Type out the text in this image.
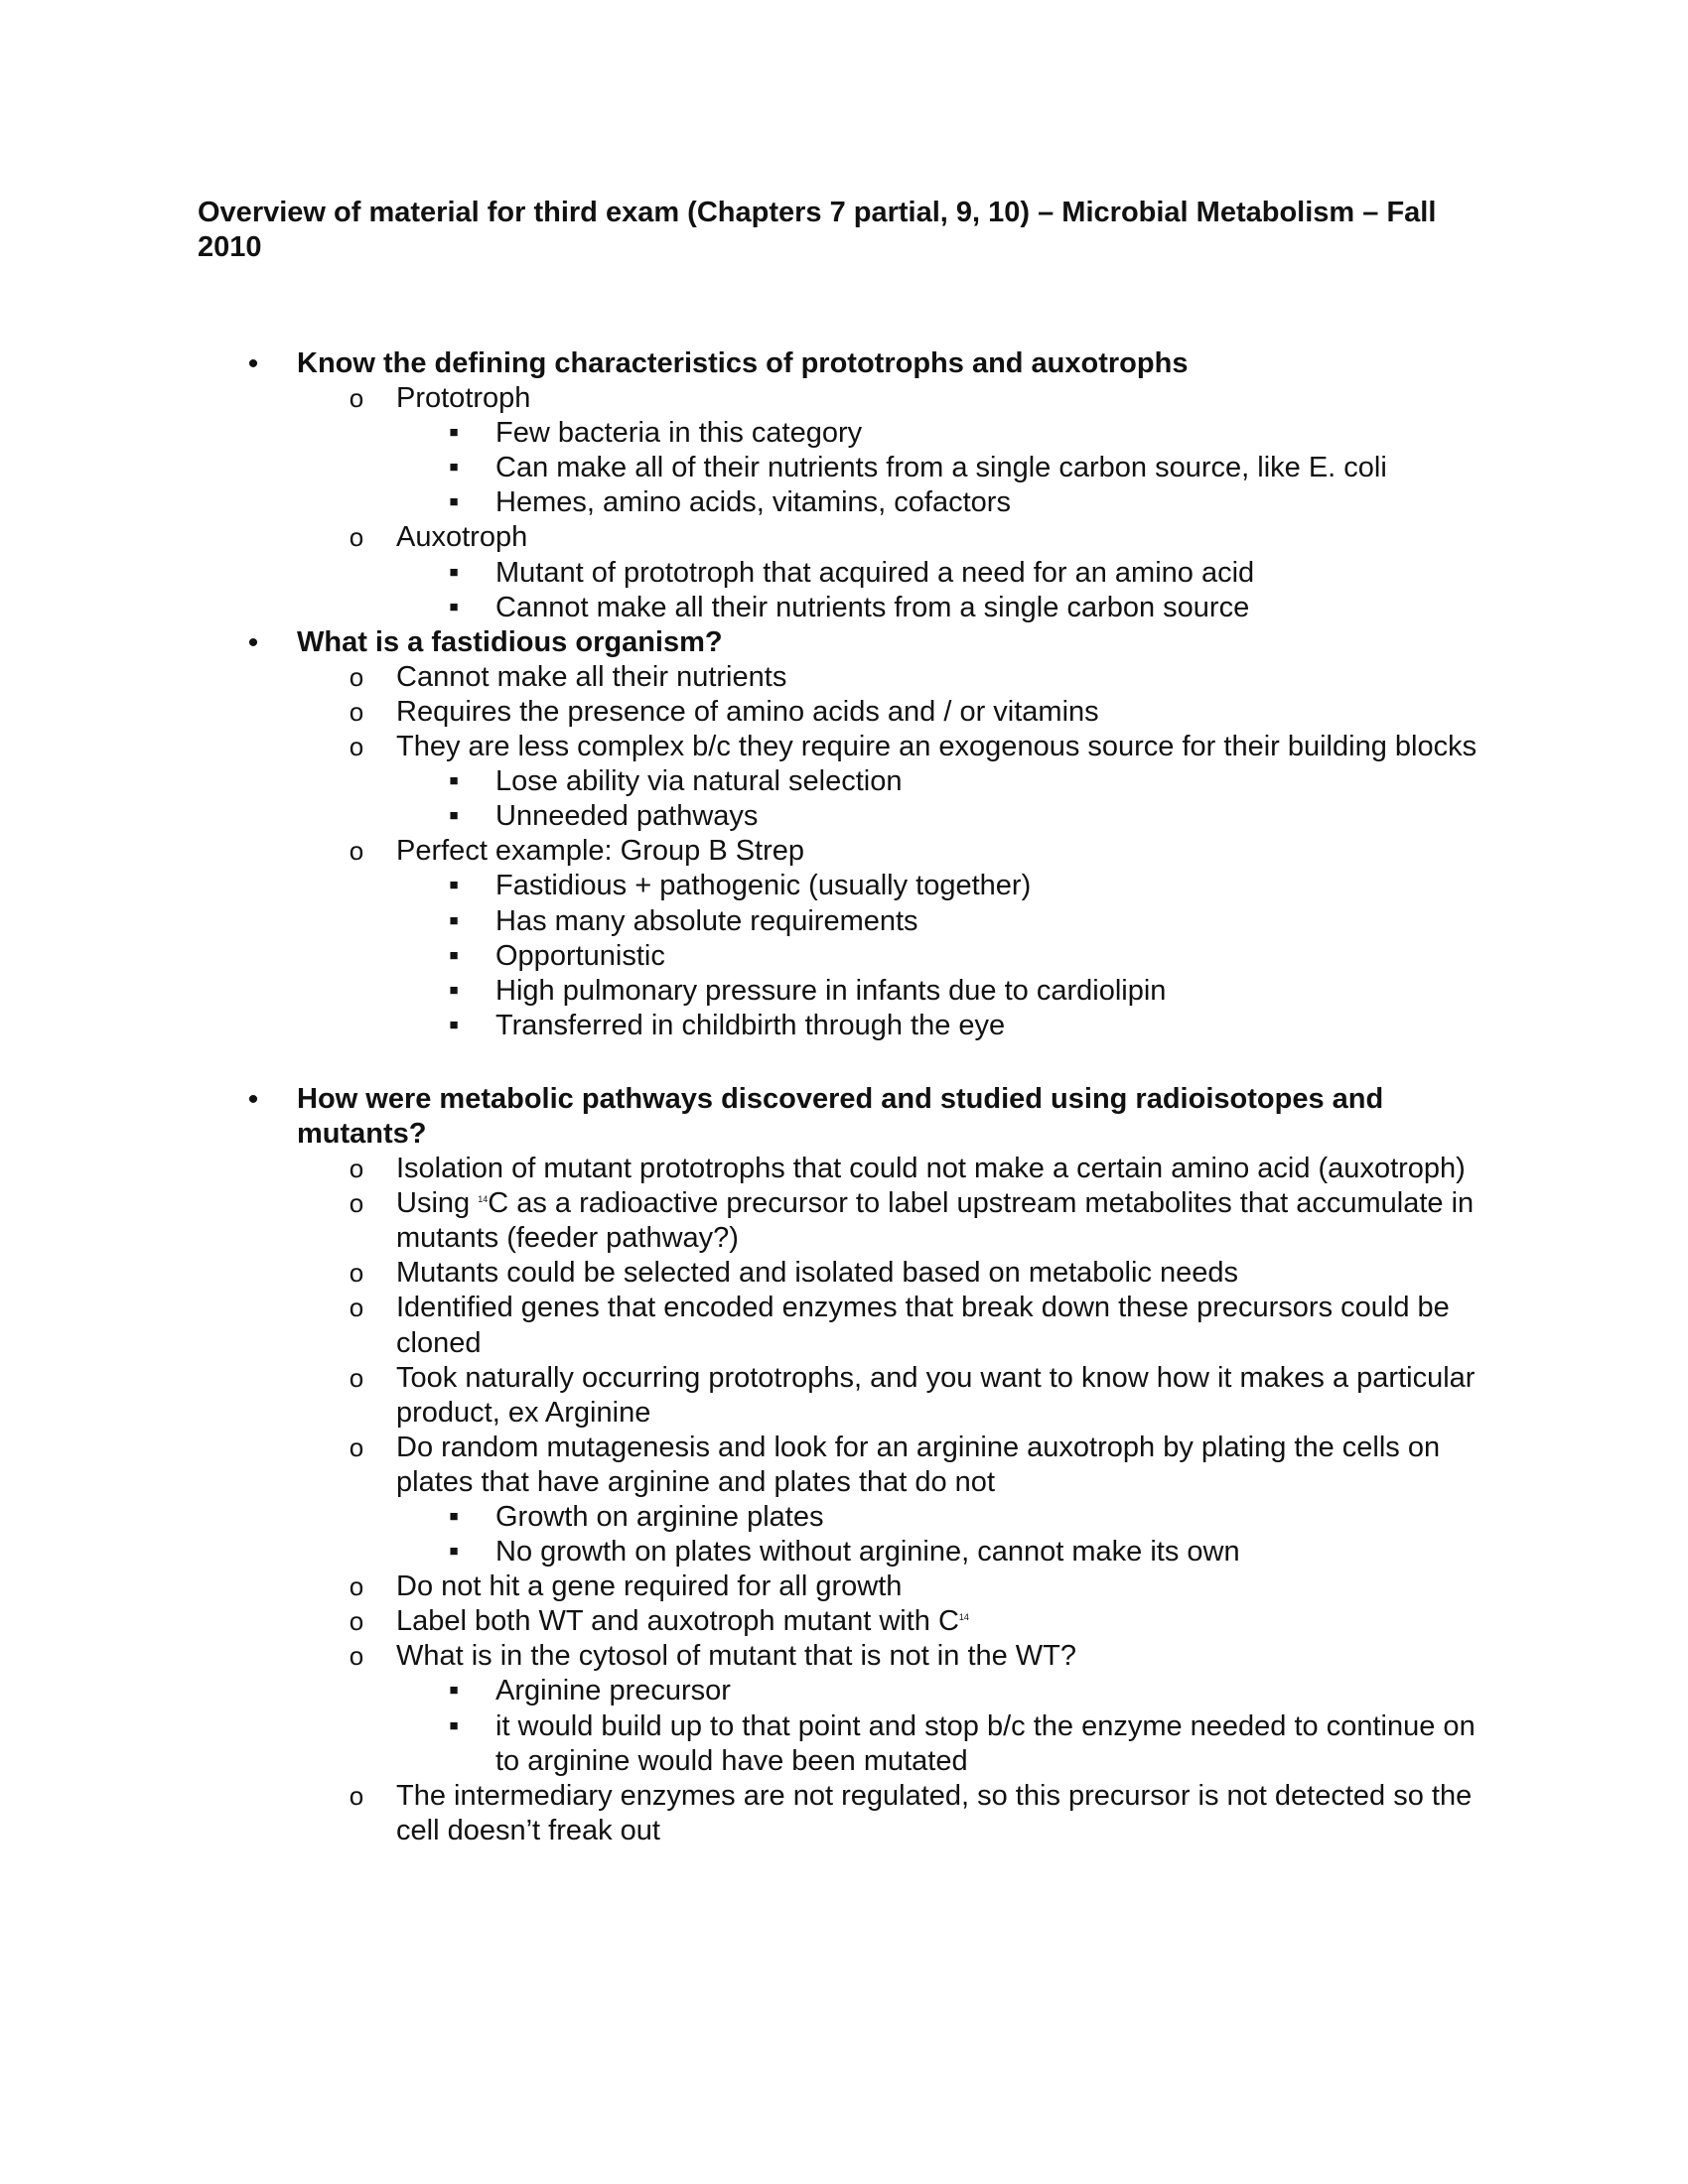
Overview of material for third exam (Chapters 7 partial, 9, 10) – Microbial Metabolism – Fall 2010
•	Know the defining characteristics of prototrophs and auxotrophs
o Prototroph
■	Few bacteria in this category
■	Can make all of their nutrients from a single carbon source, like E. coli
■	Hemes, amino acids, vitamins, cofactors
o Auxotroph
■	Mutant of prototroph that acquired a need for an amino acid
■	Cannot make all their nutrients from a single carbon source
•	What is a fastidious organism?
o Cannot make all their nutrients
o Requires the presence of amino acids and / or vitamins
o They are less complex b/c they require an exogenous source for their building blocks
■	Lose ability via natural selection
■	Unneeded pathways
o Perfect example: Group B Strep
■	Fastidious + pathogenic (usually together)
■	Has many absolute requirements
■	Opportunistic
■	High pulmonary pressure in infants due to cardiolipin
■	Transferred in childbirth through the eye
•	How were metabolic pathways discovered and studied using radioisotopes and mutants?
o Isolation of mutant prototrophs that could not make a certain amino acid (auxotroph)
o Using $^{14}$C as a radioactive precursor to label upstream metabolites that accumulate in mutants (feeder pathway?)
o Mutants could be selected and isolated based on metabolic needs
o Identified genes that encoded enzymes that break down these precursors could be cloned
o Took naturally occurring prototrophs, and you want to know how it makes a particular product, ex Arginine
o Do random mutagenesis and look for an arginine auxotroph by plating the cells on plates that have arginine and plates that do not
■	Growth on arginine plates
■	No growth on plates without arginine, cannot make its own
o Do not hit a gene required for all growth
o Label both WT and auxotroph mutant with $C^{14}$
o What is in the cytosol of mutant that is not in the WT?
■	Arginine precursor
■	it would build up to that point and stop b/c the enzyme needed to continue on to arginine would have been mutated
o The intermediary enzymes are not regulated, so this precursor is not detected so the cell doesn’t freak out
